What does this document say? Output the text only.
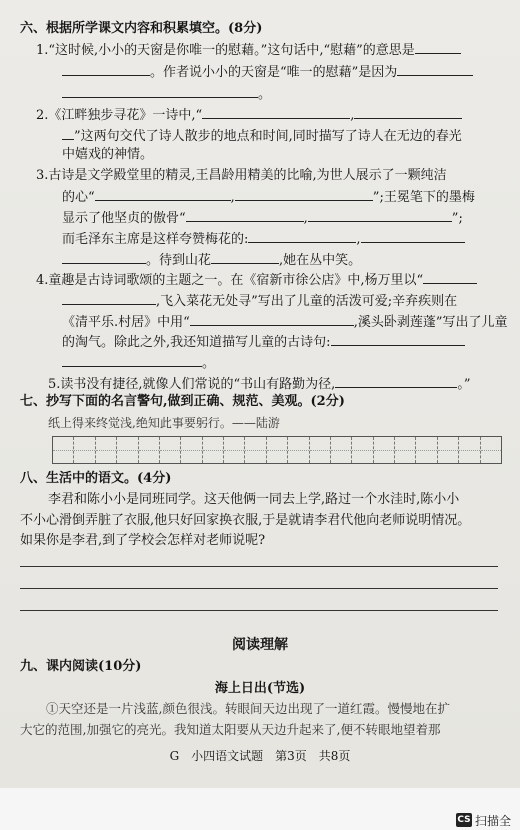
六、根据所学课文内容和积累填空。(8分)
1.“这时候,小小的天窗是你唯一的慰藉。”这句话中,“慰藉”的意思是
。作者说小小的天窗是“唯一的慰藉”是因为
。
2.《江畔独步寻花》一诗中,“	,
”这两句交代了诗人散步的地点和时间,同时描写了诗人在无边的春光
中嬉戏的神情。
3.古诗是文学殿堂里的精灵,王昌龄用精美的比喻,为世人展示了一颗纯洁
的心“	,	”;王冕笔下的墨梅
显示了他坚贞的傲骨“	,	”;
而毛泽东主席是这样夸赞梅花的:	,
。待到山花	,她在丛中笑。
4.童趣是古诗词歌颂的主题之一。在《宿新市徐公店》中,杨万里以“
,飞入菜花无处寻”写出了儿童的活泼可爱;辛弃疾则在
《清平乐.村居》中用“	,溪头卧剥莲蓬”写出了儿童
的淘气。除此之外,我还知道描写儿童的古诗句:
。
5.读书没有捷径,就像人们常说的“书山有路勤为径,	。”
七、抄写下面的名言警句,做到正确、规范、美观。(2分)
纸上得来终觉浅,绝知此事要躬行。——陆游
八、生活中的语文。(4分)
李君和陈小小是同班同学。这天他俩一同去上学,路过一个水洼时,陈小小
不小心滑倒弄脏了衣服,他只好回家换衣服,于是就请李君代他向老师说明情况。
如果你是李君,到了学校会怎样对老师说呢?
阅读理解
九、课内阅读(10分)
海上日出(节选)
①天空还是一片浅蓝,颜色很浅。转眼间天边出现了一道红霞。慢慢地在扩
大它的范围,加强它的亮光。我知道太阳要从天边升起来了,便不转眼地望着那
G　小四语文试题　第3页　共8页
CS 扫描全
